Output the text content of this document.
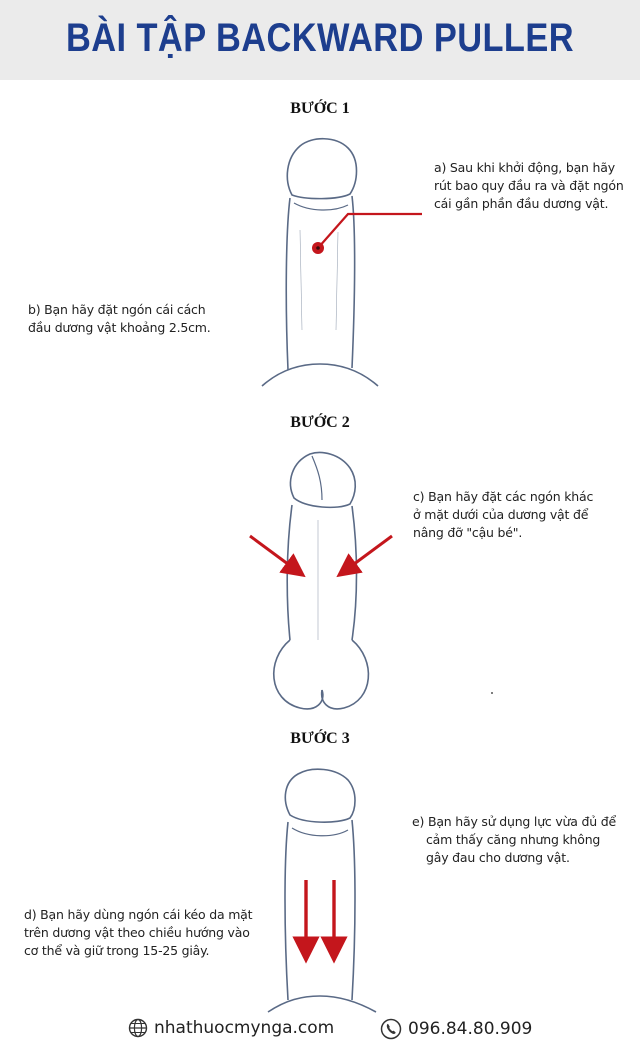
BÀI TẬP BACKWARD PULLER
BƯỚC 1
a) Sau khi khởi động, bạn hãy
rút bao quy đầu ra và đặt ngón
cái gần phần đầu dương vật.
b) Bạn hãy đặt ngón cái cách
đầu dương vật khoảng 2.5cm.
BƯỚC 2
c) Bạn hãy đặt các ngón khác
ở mặt dưới của dương vật để
nâng đỡ "cậu bé".
BƯỚC 3
e) Bạn hãy sử dụng lực vừa đủ để
cảm thấy căng nhưng không
gây đau cho dương vật.
d) Bạn hãy dùng ngón cái kéo da mặt
trên dương vật theo chiều hướng vào
cơ thể và giữ trong 15-25 giây.
nhathuocmynga.com	096.84.80.909
